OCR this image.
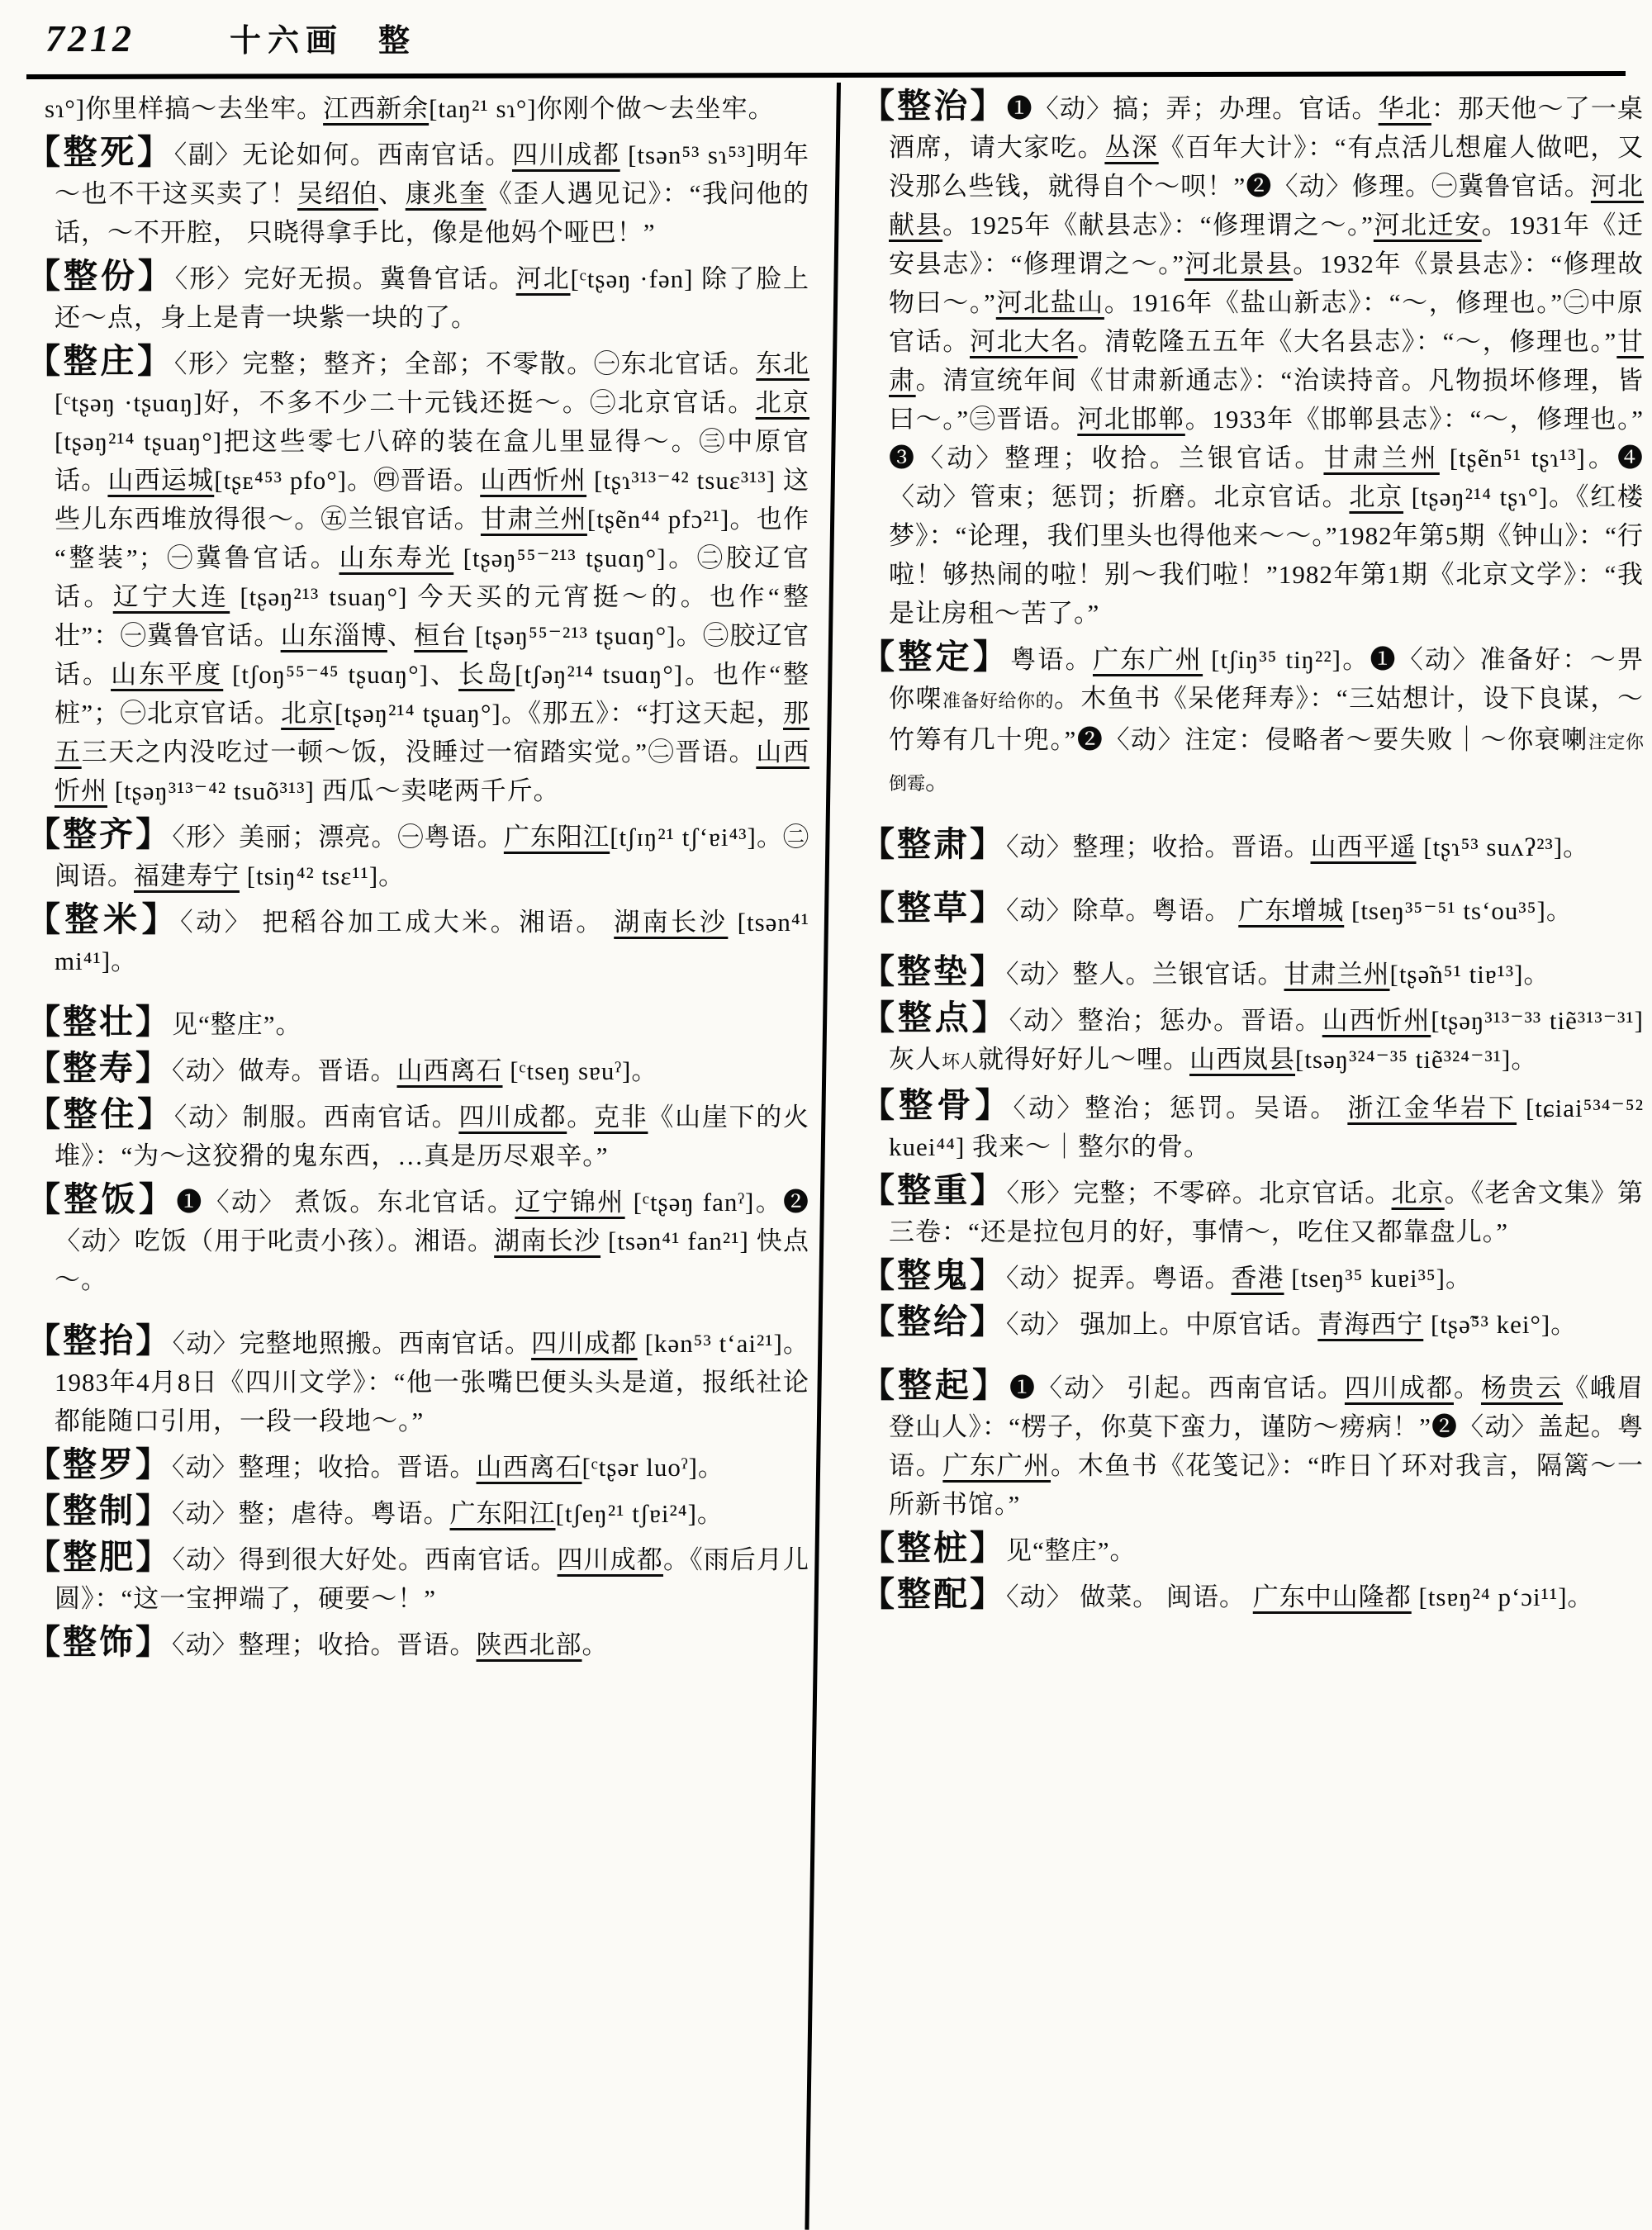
7212	十六画 整

sɿ°]你里样搞～去坐牢。江西新余[taŋ²¹ sɿ°]你刚个做～去坐牢。

【整死】〈副〉无论如何。西南官话。四川成都 [tsən⁵³ sɿ⁵³]明年～也不干这买卖了！吴绍伯、康兆奎《歪人遇见记》：“我问他的话，～不开腔， 只晓得拿手比，像是他妈个哑巴！”

【整份】〈形〉完好无损。冀鲁官话。河北[ᶜtʂəŋ ·fən] 除了脸上还～点，身上是青一块紫一块的了。

【整庄】〈形〉完整；整齐；全部；不零散。㊀东北官话。东北[ᶜtʂəŋ ·tʂuɑŋ]好，不多不少二十元钱还挺～。㊁北京官话。北京[tʂəŋ²¹⁴ tʂuaŋ°]把这些零七八碎的装在盒儿里显得～。㊂中原官话。山西运城[tʂᴇ⁴⁵³ pfo°]。㊃晋语。山西忻州 [tʂɿ³¹³⁻⁴² tsuɛ³¹³] 这些儿东西堆放得很～。㊄兰银官话。甘肃兰州[tʂẽn⁴⁴ pfɔ²¹]。也作“整装”；㊀冀鲁官话。山东寿光 [tʂəŋ⁵⁵⁻²¹³ tʂuɑŋ°]。㊁胶辽官话。辽宁大连 [tʂəŋ²¹³ tsuaŋ°] 今天买的元宵挺～的。也作“整壮”：㊀冀鲁官话。山东淄博、桓台 [tʂəŋ⁵⁵⁻²¹³ tʂuɑŋ°]。㊁胶辽官话。山东平度 [tʃoŋ⁵⁵⁻⁴⁵ tʂuɑŋ°]、长岛[tʃəŋ²¹⁴ tsuɑŋ°]。也作“整桩”；㊀北京官话。北京[tʂəŋ²¹⁴ tʂuaŋ°]。《那五》：“打这天起，那五三天之内没吃过一顿～饭，没睡过一宿踏实觉。”㊁晋语。山西忻州 [tʂəŋ³¹³⁻⁴² tsuõ³¹³] 西瓜～卖咾两千斤。

【整齐】〈形〉美丽；漂亮。㊀粤语。广东阳江[tʃɪŋ²¹ tʃ‘ɐi⁴³]。㊁闽语。福建寿宁 [tsiŋ⁴² tsɛ¹¹]。

【整米】〈动〉 把稻谷加工成大米。湘语。 湖南长沙 [tsən⁴¹ mi⁴¹]。

【整壮】见“整庄”。

【整寿】〈动〉做寿。晋语。山西离石 [ᶜtseŋ sɐuˀ]。

【整住】〈动〉制服。西南官话。四川成都。克非《山崖下的火堆》：“为～这狡猾的鬼东西，…真是历尽艰辛。”

【整饭】❶〈动〉 煮饭。东北官话。辽宁锦州 [ᶜtʂəŋ fanˀ]。❷〈动〉吃饭（用于叱责小孩）。湘语。湖南长沙 [tsən⁴¹ fan²¹] 快点～。

【整抬】〈动〉完整地照搬。西南官话。四川成都 [kən⁵³ t‘ai²¹]。1983年4月8日《四川文学》：“他一张嘴巴便头头是道，报纸社论都能随口引用，一段一段地～。”

【整罗】〈动〉整理；收拾。晋语。山西离石[ᶜtʂər luoˀ]。

【整制】〈动〉整；虐待。粤语。广东阳江[tʃeŋ²¹ tʃɐi²⁴]。

【整肥】〈动〉得到很大好处。西南官话。四川成都。《雨后月儿圆》：“这一宝押端了，硬要～！”

【整饰】〈动〉整理；收拾。晋语。陕西北部。

【整治】❶〈动〉搞；弄；办理。官话。华北：那天他～了一桌酒席，请大家吃。丛深《百年大计》：“有点活儿想雇人做吧，又没那么些钱，就得自个～呗！”❷〈动〉修理。㊀冀鲁官话。河北献县。1925年《献县志》：“修理谓之～。”河北迁安。1931年《迁安县志》：“修理谓之～。”河北景县。1932年《景县志》：“修理故物曰～。”河北盐山。1916年《盐山新志》：“～，修理也。”㊁中原官话。河北大名。清乾隆五五年《大名县志》：“～，修理也。”甘肃。清宣统年间《甘肃新通志》：“治读持音。凡物损坏修理，皆曰～。”㊂晋语。河北邯郸。1933年《邯郸县志》：“～，修理也。”❸〈动〉整理；收拾。兰银官话。甘肃兰州 [tʂẽn⁵¹ tʂɿ¹³]。❹〈动〉管束；惩罚；折磨。北京官话。北京 [tʂəŋ²¹⁴ tʂɿ°]。《红楼梦》：“论理，我们里头也得他来～～。”1982年第5期《钟山》：“行啦！够热闹的啦！别～我们啦！”1982年第1期《北京文学》：“我是让房租～苦了。”

【整定】粤语。广东广州 [tʃiŋ³⁵ tiŋ²²]。❶〈动〉准备好：～畀你㗎准备好给你的。木鱼书《呆佬拜寿》：“三姑想计，设下良谋，～竹筹有几十兜。”❷〈动〉注定：侵略者～要失败｜～你衰喇注定你倒霉。

【整肃】〈动〉整理；收拾。晋语。山西平遥 [tʂɿ⁵³ suʌʔ²³]。

【整草】〈动〉除草。粤语。 广东增城 [tseŋ³⁵⁻⁵¹ ts‘ou³⁵]。

【整垫】〈动〉整人。兰银官话。甘肃兰州[tʂə̃n⁵¹ tiɐ¹³]。

【整点】〈动〉整治；惩办。晋语。山西忻州[tʂəŋ³¹³⁻³³ tiẽ³¹³⁻³¹] 灰人坏人就得好好儿～哩。山西岚县[tsəŋ³²⁴⁻³⁵ tiẽ³²⁴⁻³¹]。

【整骨】〈动〉整治；惩罚。吴语。 浙江金华岩下 [tɕiai⁵³⁴⁻⁵² kuei⁴⁴] 我来～｜整尔的骨。

【整重】〈形〉完整；不零碎。北京官话。北京。《老舍文集》第三卷：“还是拉包月的好，事情～，吃住又都靠盘儿。”

【整鬼】〈动〉捉弄。粤语。香港 [tseŋ³⁵ kuɐi³⁵]。

【整给】〈动〉 强加上。中原官话。青海西宁 [tʂə̃⁵³ kei°]。

【整起】❶〈动〉 引起。西南官话。四川成都。杨贵云《峨眉登山人》：“楞子，你莫下蛮力，谨防～痨病！”❷〈动〉盖起。粤语。广东广州。木鱼书《花笺记》：“昨日丫环对我言，隔篱～一所新书馆。”

【整桩】见“整庄”。

【整配】〈动〉 做菜。 闽语。 广东中山隆都 [tsɐŋ²⁴ p‘ɔi¹¹]。
